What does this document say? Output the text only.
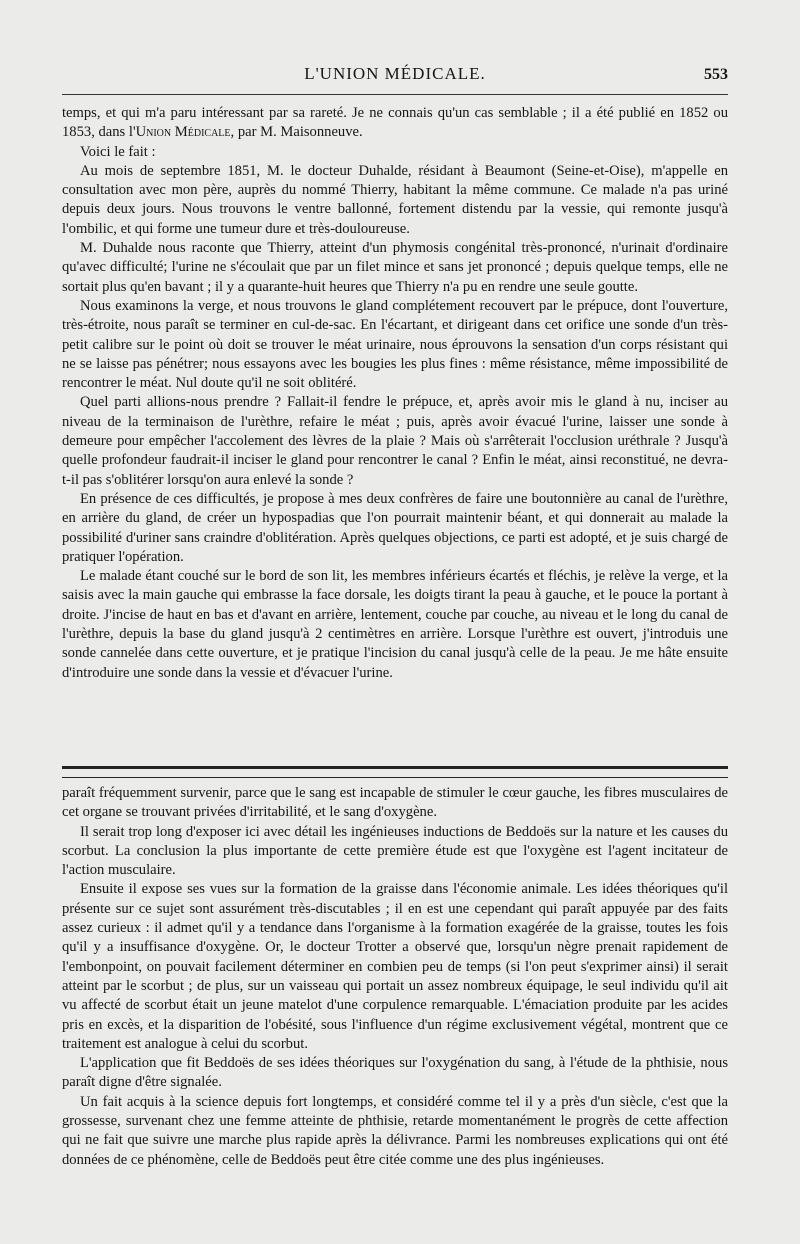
L'UNION MÉDICALE.	553

temps, et qui m'a paru intéressant par sa rareté. Je ne connais qu'un cas semblable ; il a été publié en 1852 ou 1853, dans l'Union Médicale, par M. Maisonneuve.

Voici le fait :

Au mois de septembre 1851, M. le docteur Duhalde, résidant à Beaumont (Seine-et-Oise), m'appelle en consultation avec mon père, auprès du nommé Thierry, habitant la même commune. Ce malade n'a pas uriné depuis deux jours. Nous trouvons le ventre ballonné, fortement distendu par la vessie, qui remonte jusqu'à l'ombilic, et qui forme une tumeur dure et très-douloureuse.

M. Duhalde nous raconte que Thierry, atteint d'un phymosis congénital très-prononcé, n'urinait d'ordinaire qu'avec difficulté; l'urine ne s'écoulait que par un filet mince et sans jet prononcé ; depuis quelque temps, elle ne sortait plus qu'en bavant ; il y a quarante-huit heures que Thierry n'a pu en rendre une seule goutte.

Nous examinons la verge, et nous trouvons le gland complétement recouvert par le prépuce, dont l'ouverture, très-étroite, nous paraît se terminer en cul-de-sac. En l'écartant, et dirigeant dans cet orifice une sonde d'un très-petit calibre sur le point où doit se trouver le méat urinaire, nous éprouvons la sensation d'un corps résistant qui ne se laisse pas pénétrer; nous essayons avec les bougies les plus fines : même résistance, même impossibilité de rencontrer le méat. Nul doute qu'il ne soit oblitéré.

Quel parti allions-nous prendre ? Fallait-il fendre le prépuce, et, après avoir mis le gland à nu, inciser au niveau de la terminaison de l'urèthre, refaire le méat ; puis, après avoir évacué l'urine, laisser une sonde à demeure pour empêcher l'accolement des lèvres de la plaie ? Mais où s'arrêterait l'occlusion uréthrale ? Jusqu'à quelle profondeur faudrait-il inciser le gland pour rencontrer le canal ? Enfin le méat, ainsi reconstitué, ne devra-t-il pas s'oblitérer lorsqu'on aura enlevé la sonde ?

En présence de ces difficultés, je propose à mes deux confrères de faire une boutonnière au canal de l'urèthre, en arrière du gland, de créer un hypospadias que l'on pourrait maintenir béant, et qui donnerait au malade la possibilité d'uriner sans craindre d'oblitération. Après quelques objections, ce parti est adopté, et je suis chargé de pratiquer l'opération.

Le malade étant couché sur le bord de son lit, les membres inférieurs écartés et fléchis, je relève la verge, et la saisis avec la main gauche qui embrasse la face dorsale, les doigts tirant la peau à gauche, et le pouce la portant à droite. J'incise de haut en bas et d'avant en arrière, lentement, couche par couche, au niveau et le long du canal de l'urèthre, depuis la base du gland jusqu'à 2 centimètres en arrière. Lorsque l'urèthre est ouvert, j'introduis une sonde cannelée dans cette ouverture, et je pratique l'incision du canal jusqu'à celle de la peau. Je me hâte ensuite d'introduire une sonde dans la vessie et d'évacuer l'urine.

paraît fréquemment survenir, parce que le sang est incapable de stimuler le cœur gauche, les fibres musculaires de cet organe se trouvant privées d'irritabilité, et le sang d'oxygène.

Il serait trop long d'exposer ici avec détail les ingénieuses inductions de Beddoës sur la nature et les causes du scorbut. La conclusion la plus importante de cette première étude est que l'oxygène est l'agent incitateur de l'action musculaire.

Ensuite il expose ses vues sur la formation de la graisse dans l'économie animale. Les idées théoriques qu'il présente sur ce sujet sont assurément très-discutables ; il en est une cependant qui paraît appuyée par des faits assez curieux : il admet qu'il y a tendance dans l'organisme à la formation exagérée de la graisse, toutes les fois qu'il y a insuffisance d'oxygène. Or, le docteur Trotter a observé que, lorsqu'un nègre prenait rapidement de l'embonpoint, on pouvait facilement déterminer en combien peu de temps (si l'on peut s'exprimer ainsi) il serait atteint par le scorbut ; de plus, sur un vaisseau qui portait un assez nombreux équipage, le seul individu qu'il ait vu affecté de scorbut était un jeune matelot d'une corpulence remarquable. L'émaciation produite par les acides pris en excès, et la disparition de l'obésité, sous l'influence d'un régime exclusivement végétal, montrent que ce traitement est analogue à celui du scorbut.

L'application que fit Beddoës de ses idées théoriques sur l'oxygénation du sang, à l'étude de la phthisie, nous paraît digne d'être signalée.

Un fait acquis à la science depuis fort longtemps, et considéré comme tel il y a près d'un siècle, c'est que la grossesse, survenant chez une femme atteinte de phthisie, retarde momentanément le progrès de cette affection qui ne fait que suivre une marche plus rapide après la délivrance. Parmi les nombreuses explications qui ont été données de ce phénomène, celle de Beddoës peut être citée comme une des plus ingénieuses.
